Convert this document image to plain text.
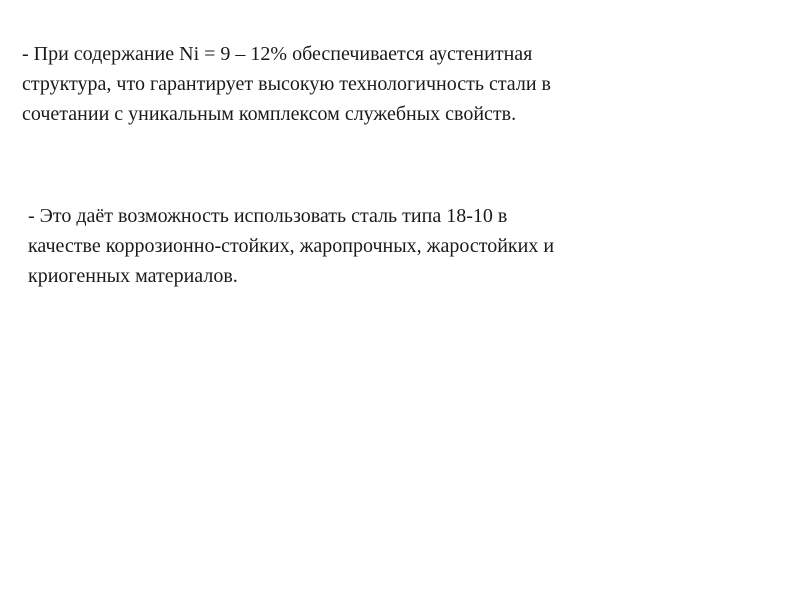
- При содержание Ni = 9 – 12% обеспечивается аустенитная
структура, что гарантирует высокую технологичность стали в
сочетании с уникальным комплексом служебных свойств.

- Это даёт возможность использовать сталь типа 18-10 в
качестве коррозионно-стойких, жаропрочных, жаростойких и
криогенных материалов.
